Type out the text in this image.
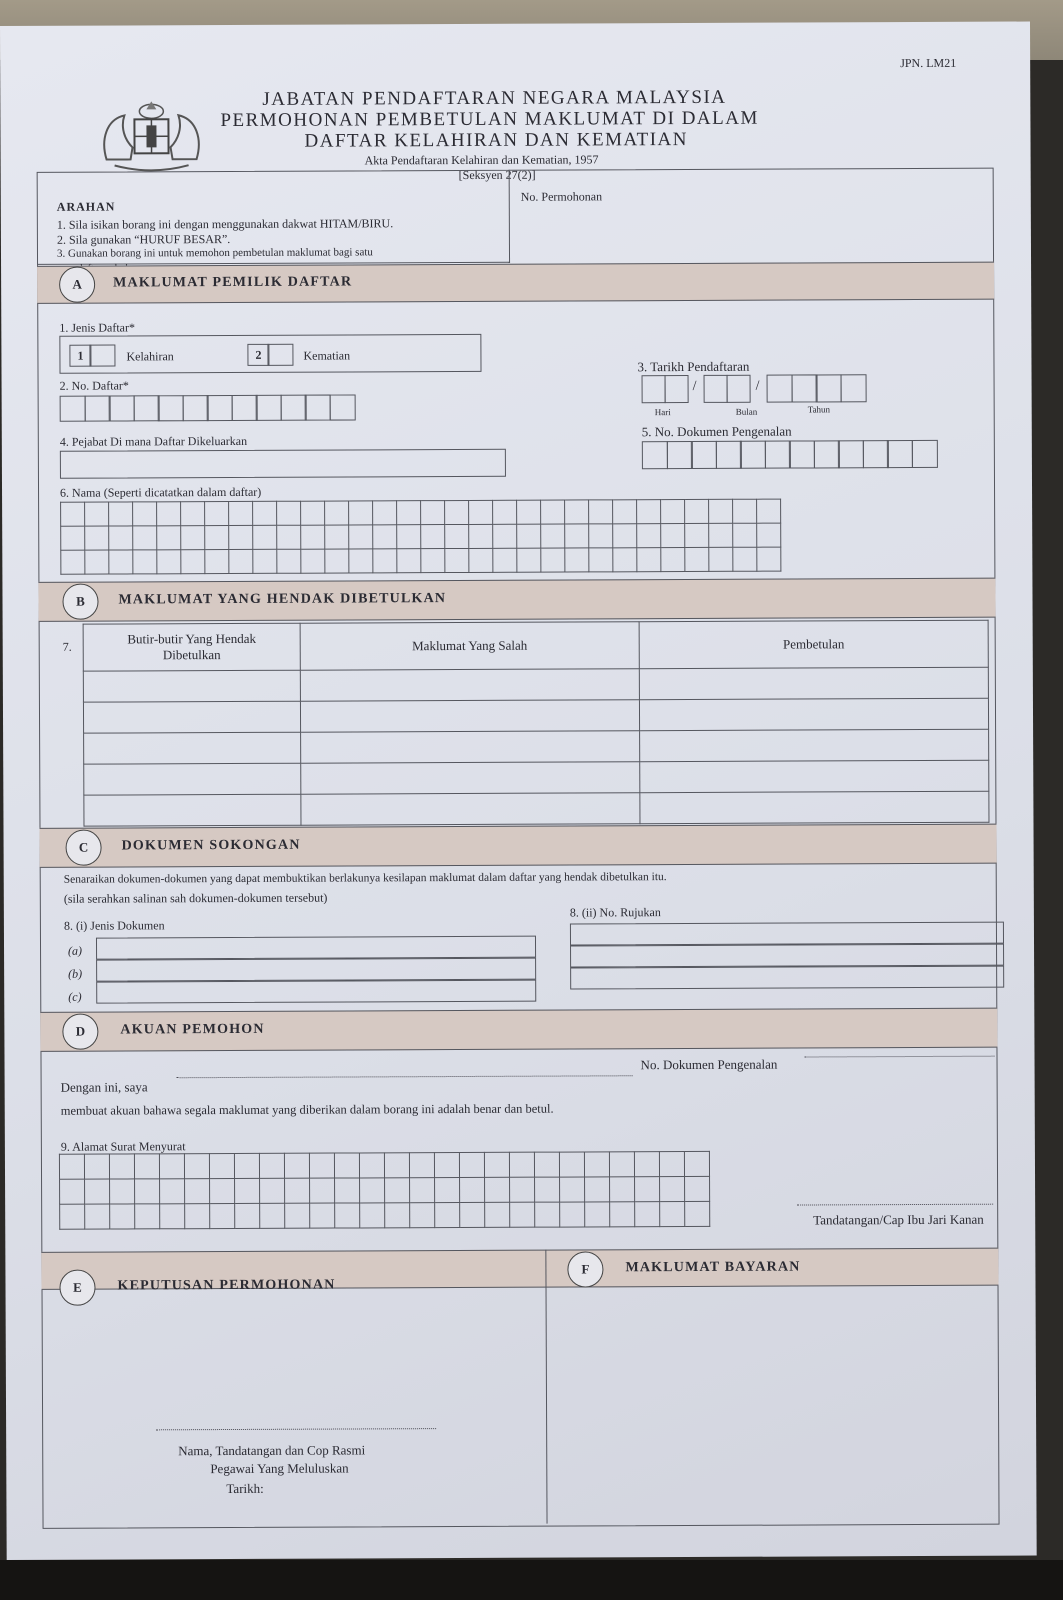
JPN. LM21
JABATAN PENDAFTARAN NEGARA MALAYSIA
PERMOHONAN PEMBETULAN MAKLUMAT DI DALAM
DAFTAR KELAHIRAN DAN KEMATIAN
Akta Pendaftaran Kelahiran dan Kematian, 1957
[Seksyen 27(2)]
ARAHAN
1. Sila isikan borang ini dengan menggunakan dakwat HITAM/BIRU.
2. Sila gunakan “HURUF BESAR”.
3. Gunakan borang ini untuk memohon pembetulan maklumat bagi satu
No. Permohonan
A	MAKLUMAT PEMILIK DAFTAR
1. Jenis Daftar*
1	Kelahiran	2	Kematian
2. No. Daftar*
3. Tarikh Pendaftaran
/	/
Hari	Bulan	Tahun
4. Pejabat Di mana Daftar Dikeluarkan
5. No. Dokumen Pengenalan
6. Nama (Seperti dicatatkan dalam daftar)

B	MAKLUMAT YANG HENDAK DIBETULKAN
7.
Butir-butir Yang Hendak
Dibetulkan	Maklumat Yang Salah	Pembetulan

C	DOKUMEN SOKONGAN
Senaraikan dokumen-dokumen yang dapat membuktikan berlakunya kesilapan maklumat dalam daftar yang hendak dibetulkan itu.
(sila serahkan salinan sah dokumen-dokumen tersebut)
8. (i) Jenis Dokumen
8. (ii) No. Rujukan
(a)
(b)
(c)
D	AKUAN PEMOHON
Dengan ini, saya
No. Dokumen Pengenalan
membuat akuan bahawa segala maklumat yang diberikan dalam borang ini adalah benar dan betul.
9. Alamat Surat Menyurat

Tandatangan/Cap Ibu Jari Kanan
E	KEPUTUSAN PERMOHONAN
F	MAKLUMAT BAYARAN
Nama, Tandatangan dan Cop Rasmi
Pegawai Yang Meluluskan
Tarikh:
